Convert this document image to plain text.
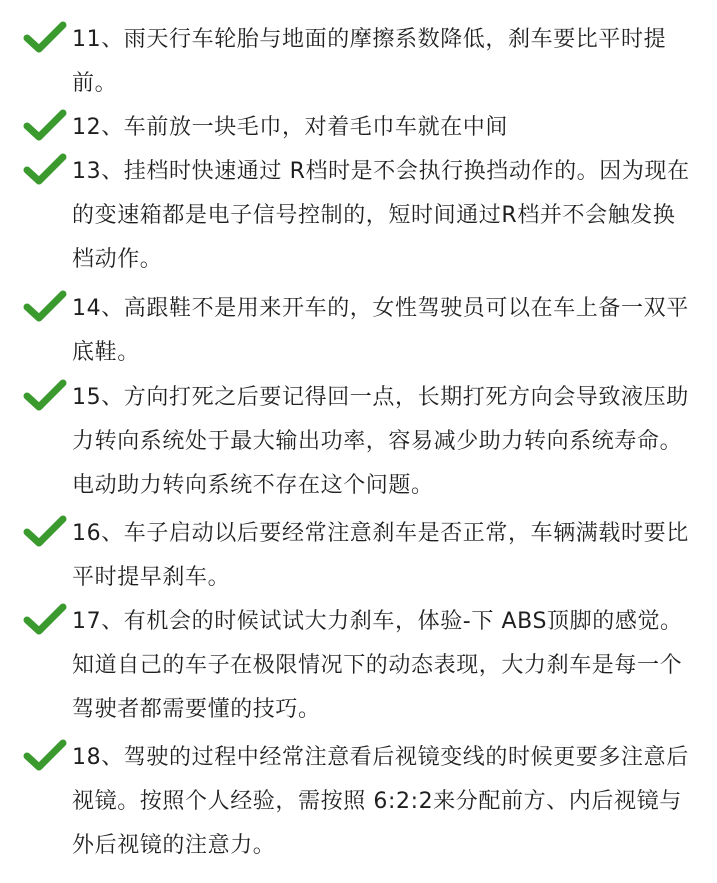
11、雨天行车轮胎与地面的摩擦系数降低，刹车要比平时提前。
12、车前放一块毛巾，对着毛巾车就在中间
13、挂档时快速通过 R档时是不会执行换挡动作的。因为现在的变速箱都是电子信号控制的，短时间通过R档并不会触发换档动作。
14、高跟鞋不是用来开车的，女性驾驶员可以在车上备一双平底鞋。
15、方向打死之后要记得回一点，长期打死方向会导致液压助力转向系统处于最大输出功率，容易减少助力转向系统寿命。电动助力转向系统不存在这个问题。
16、车子启动以后要经常注意刹车是否正常，车辆满载时要比平时提早刹车。
17、有机会的时候试试大力刹车，体验-下 ABS顶脚的感觉。知道自己的车子在极限情况下的动态表现，大力刹车是每一个驾驶者都需要懂的技巧。
18、驾驶的过程中经常注意看后视镜变线的时候更要多注意后视镜。按照个人经验，需按照 6:2:2来分配前方、内后视镜与外后视镜的注意力。
